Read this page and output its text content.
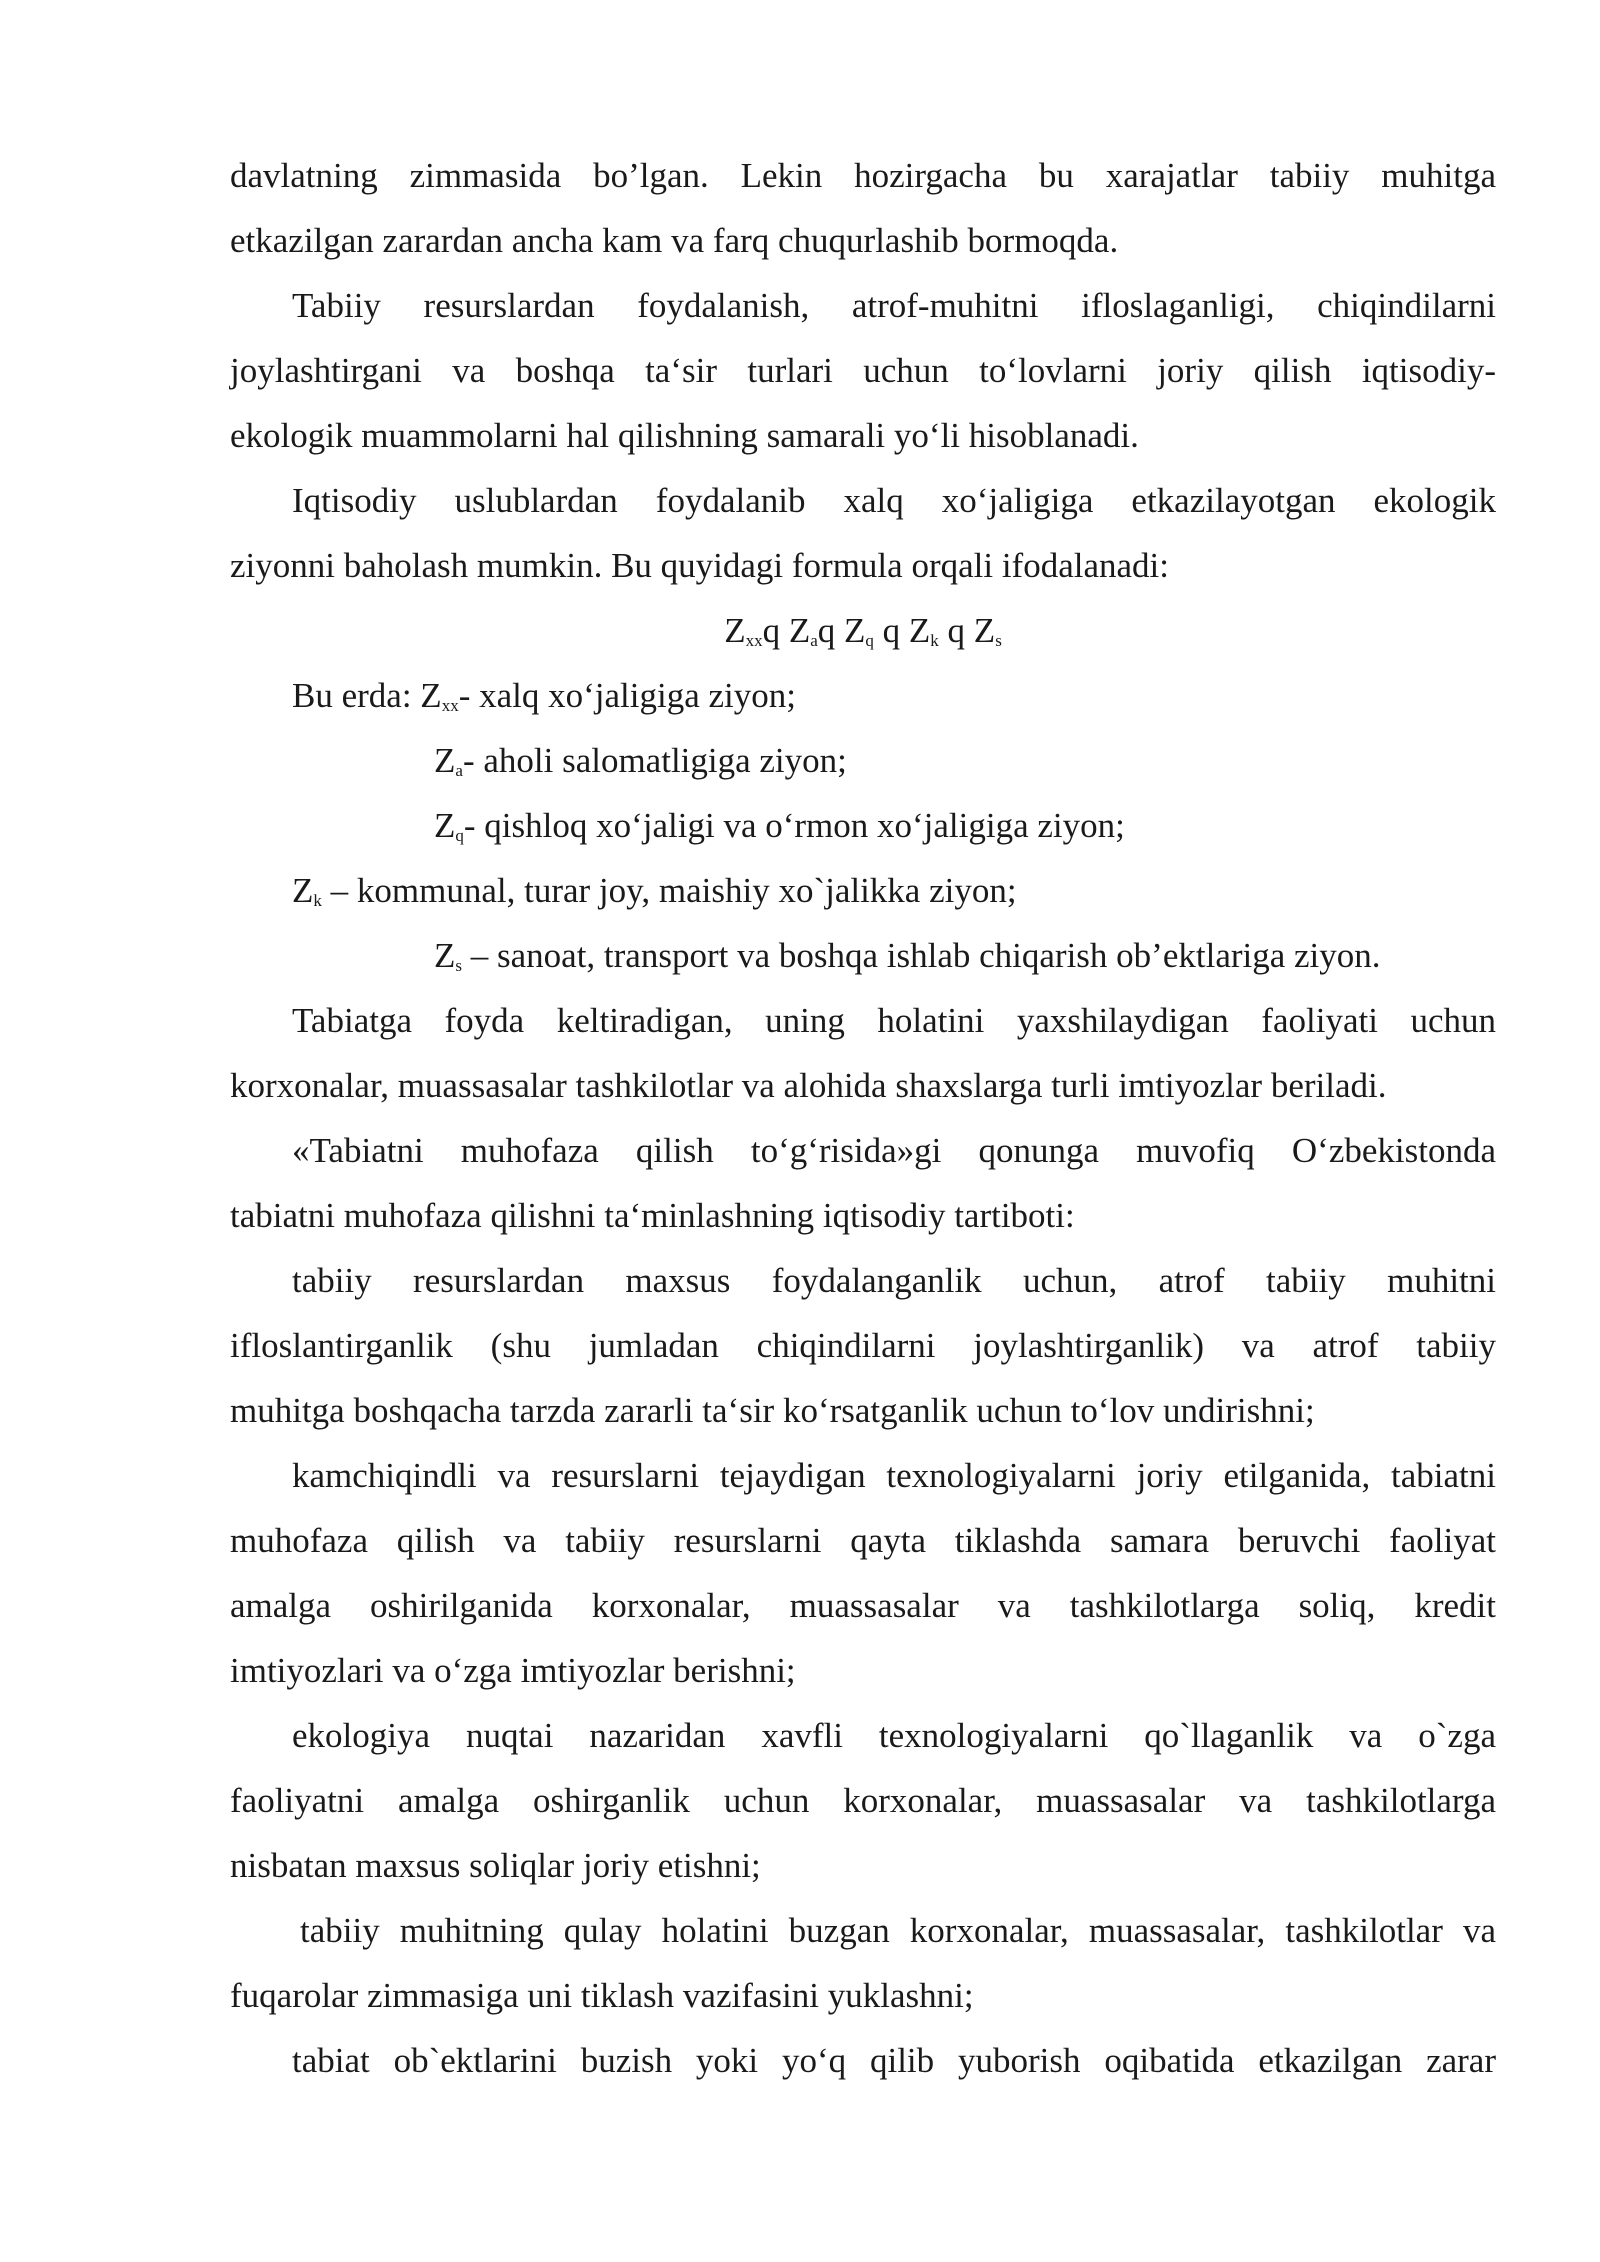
davlatning zimmasida bo’lgan. Lekin hozirgacha bu xarajatlar tabiiy muhitga
etkazilgan zarardan ancha kam va farq chuqurlashib bormoqda.
Tabiiy resurslardan foydalanish, atrof-muhitni ifloslaganligi, chiqindilarni
joylashtirgani va boshqa ta‘sir turlari uchun to‘lovlarni joriy qilish iqtisodiy-
ekologik muammolarni hal qilishning samarali yo‘li hisoblanadi.
Iqtisodiy uslublardan foydalanib xalq xo‘jaligiga etkazilayotgan ekologik
ziyonni baholash mumkin. Bu quyidagi formula orqali ifodalanadi:
$Z_{xx}q$ $Z_aq$ $Z_q$ q $Z_k$ q $Z_s$
Bu erda: $Z_{xx}-$ xalq xo‘jaligiga ziyon;
$Z_a-$ aholi salomatligiga ziyon;
$Z_q-$ qishloq xo‘jaligi va o‘rmon xo‘jaligiga ziyon;
$Z_k$ – kommunal, turar joy, maishiy xo`jalikka ziyon;
$Z_s$ – sanoat, transport va boshqa ishlab chiqarish ob’ektlariga ziyon.
Tabiatga foyda keltiradigan, uning holatini yaxshilaydigan faoliyati uchun
korxonalar, muassasalar tashkilotlar va alohida shaxslarga turli imtiyozlar beriladi.
«Tabiatni muhofaza qilish to‘g‘risida»gi qonunga muvofiq O‘zbekistonda
tabiatni muhofaza qilishni ta‘minlashning iqtisodiy tartiboti:
tabiiy resurslardan maxsus foydalanganlik uchun, atrof tabiiy muhitni
ifloslantirganlik (shu jumladan chiqindilarni joylashtirganlik) va atrof tabiiy
muhitga boshqacha tarzda zararli ta‘sir ko‘rsatganlik uchun to‘lov undirishni;
kamchiqindli va resurslarni tejaydigan texnologiyalarni joriy etilganida, tabiatni
muhofaza qilish va tabiiy resurslarni qayta tiklashda samara beruvchi faoliyat
amalga oshirilganida korxonalar, muassasalar va tashkilotlarga soliq, kredit
imtiyozlari va o‘zga imtiyozlar berishni;
ekologiya nuqtai nazaridan xavfli texnologiyalarni qo`llaganlik va o`zga
faoliyatni amalga oshirganlik uchun korxonalar, muassasalar va tashkilotlarga
nisbatan maxsus soliqlar joriy etishni;
tabiiy muhitning qulay holatini buzgan korxonalar, muassasalar, tashkilotlar va
fuqarolar zimmasiga uni tiklash vazifasini yuklashni;
tabiat ob`ektlarini buzish yoki yo‘q qilib yuborish oqibatida etkazilgan zarar
